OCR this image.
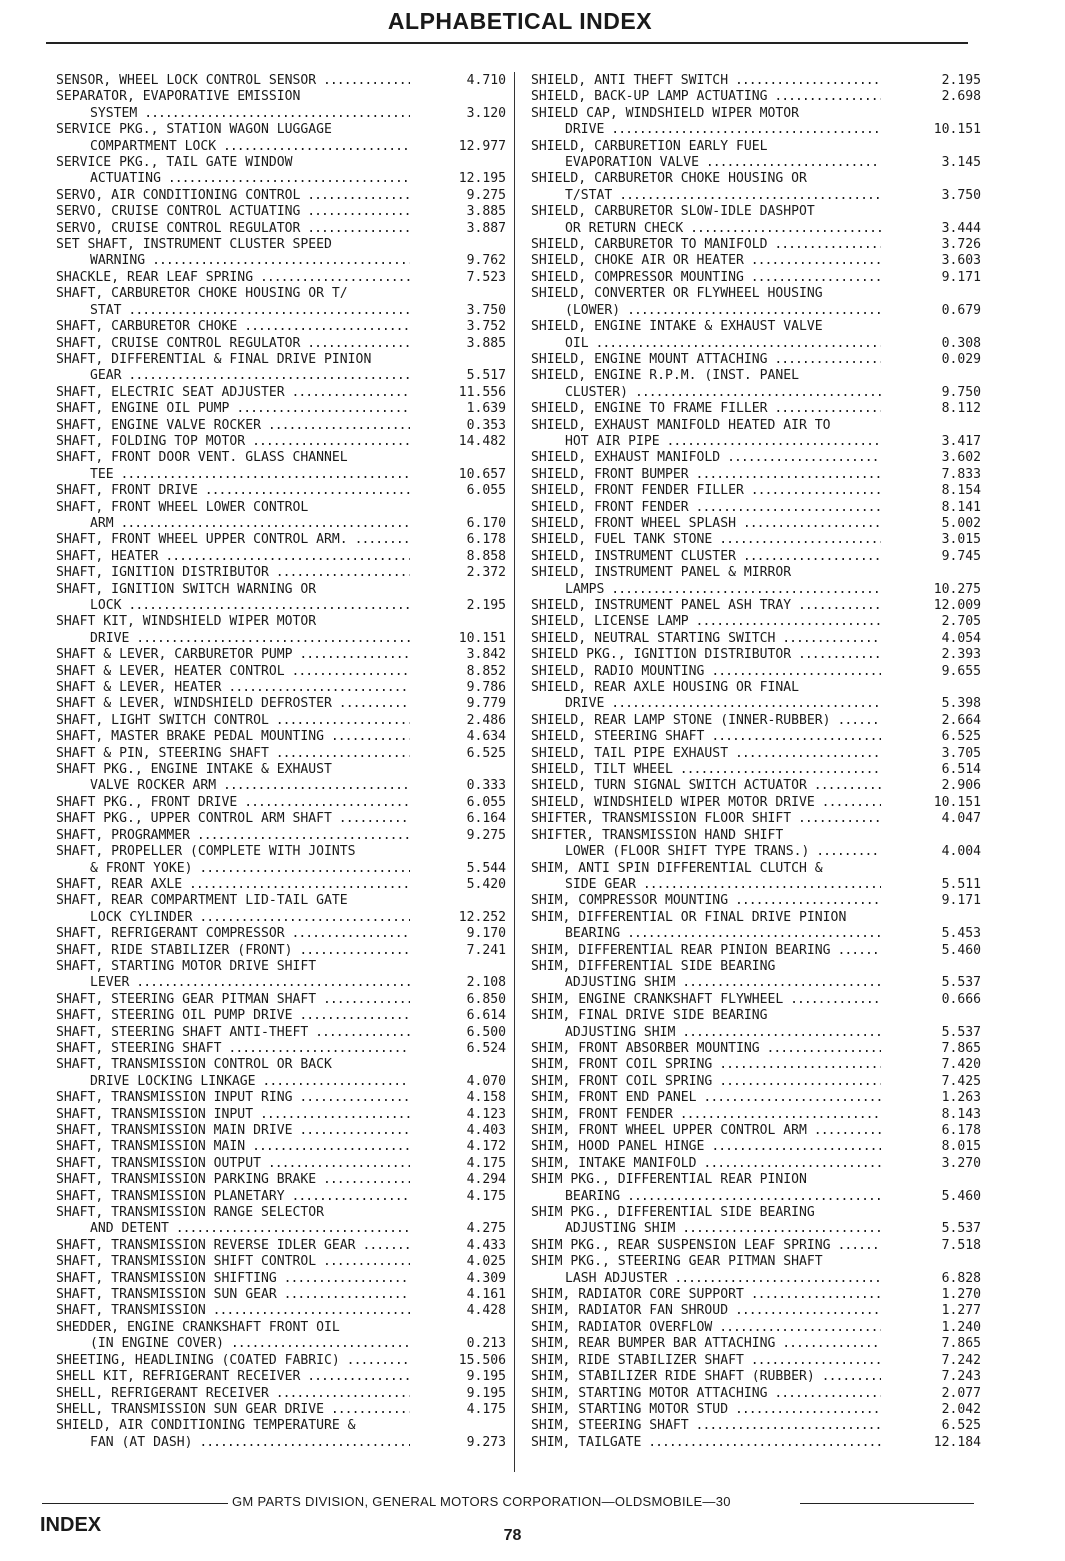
ALPHABETICAL INDEX
SENSOR, WHEEL LOCK CONTROL SENSOR .....	4.710
SEPARATOR, EVAPORATIVE EMISSION
SYSTEM .....	3.120
SERVICE PKG., STATION WAGON LUGGAGE
COMPARTMENT LOCK .....	12.977
SERVICE PKG., TAIL GATE WINDOW
ACTUATING .....	12.195
SERVO, AIR CONDITIONING CONTROL .....	9.275
SERVO, CRUISE CONTROL ACTUATING .....	3.885
SERVO, CRUISE CONTROL REGULATOR .....	3.887
SET SHAFT, INSTRUMENT CLUSTER SPEED
WARNING .....	9.762
SHACKLE, REAR LEAF SPRING .....	7.523
SHAFT, CARBURETOR CHOKE HOUSING OR T/
STAT .....	3.750
SHAFT, CARBURETOR CHOKE .....	3.752
SHAFT, CRUISE CONTROL REGULATOR .....	3.885
SHAFT, DIFFERENTIAL & FINAL DRIVE PINION
GEAR .....	5.517
SHAFT, ELECTRIC SEAT ADJUSTER .....	11.556
SHAFT, ENGINE OIL PUMP .....	1.639
SHAFT, ENGINE VALVE ROCKER .....	0.353
SHAFT, FOLDING TOP MOTOR .....	14.482
SHAFT, FRONT DOOR VENT. GLASS CHANNEL
TEE .....	10.657
SHAFT, FRONT DRIVE .....	6.055
SHAFT, FRONT WHEEL LOWER CONTROL
ARM .....	6.170
SHAFT, FRONT WHEEL UPPER CONTROL ARM. .....	6.178
SHAFT, HEATER .....	8.858
SHAFT, IGNITION DISTRIBUTOR .....	2.372
SHAFT, IGNITION SWITCH WARNING OR
LOCK .....	2.195
SHAFT KIT, WINDSHIELD WIPER MOTOR
DRIVE .....	10.151
SHAFT & LEVER, CARBURETOR PUMP .....	3.842
SHAFT & LEVER, HEATER CONTROL .....	8.852
SHAFT & LEVER, HEATER .....	9.786
SHAFT & LEVER, WINDSHIELD DEFROSTER .....	9.779
SHAFT, LIGHT SWITCH CONTROL .....	2.486
SHAFT, MASTER BRAKE PEDAL MOUNTING .....	4.634
SHAFT & PIN, STEERING SHAFT .....	6.525
SHAFT PKG., ENGINE INTAKE & EXHAUST
VALVE ROCKER ARM .....	0.333
SHAFT PKG., FRONT DRIVE .....	6.055
SHAFT PKG., UPPER CONTROL ARM SHAFT .....	6.164
SHAFT, PROGRAMMER .....	9.275
SHAFT, PROPELLER (COMPLETE WITH JOINTS
& FRONT YOKE) .....	5.544
SHAFT, REAR AXLE .....	5.420
SHAFT, REAR COMPARTMENT LID-TAIL GATE
LOCK CYLINDER .....	12.252
SHAFT, REFRIGERANT COMPRESSOR .....	9.170
SHAFT, RIDE STABILIZER (FRONT) .....	7.241
SHAFT, STARTING MOTOR DRIVE SHIFT
LEVER .....	2.108
SHAFT, STEERING GEAR PITMAN SHAFT .....	6.850
SHAFT, STEERING OIL PUMP DRIVE .....	6.614
SHAFT, STEERING SHAFT ANTI-THEFT .....	6.500
SHAFT, STEERING SHAFT .....	6.524
SHAFT, TRANSMISSION CONTROL OR BACK
DRIVE LOCKING LINKAGE .....	4.070
SHAFT, TRANSMISSION INPUT RING .....	4.158
SHAFT, TRANSMISSION INPUT .....	4.123
SHAFT, TRANSMISSION MAIN DRIVE .....	4.403
SHAFT, TRANSMISSION MAIN .....	4.172
SHAFT, TRANSMISSION OUTPUT .....	4.175
SHAFT, TRANSMISSION PARKING BRAKE .....	4.294
SHAFT, TRANSMISSION PLANETARY .....	4.175
SHAFT, TRANSMISSION RANGE SELECTOR
AND DETENT .....	4.275
SHAFT, TRANSMISSION REVERSE IDLER GEAR .....	4.433
SHAFT, TRANSMISSION SHIFT CONTROL .....	4.025
SHAFT, TRANSMISSION SHIFTING .....	4.309
SHAFT, TRANSMISSION SUN GEAR .....	4.161
SHAFT, TRANSMISSION .....	4.428
SHEDDER, ENGINE CRANKSHAFT FRONT OIL
(IN ENGINE COVER) .....	0.213
SHEETING, HEADLINING (COATED FABRIC) .....	15.506
SHELL KIT, REFRIGERANT RECEIVER .....	9.195
SHELL, REFRIGERANT RECEIVER .....	9.195
SHELL, TRANSMISSION SUN GEAR DRIVE .....	4.175
SHIELD, AIR CONDITIONING TEMPERATURE &
FAN (AT DASH) .....	9.273
SHIELD, ANTI THEFT SWITCH .....	2.195
SHIELD, BACK-UP LAMP ACTUATING .....	2.698
SHIELD CAP, WINDSHIELD WIPER MOTOR
DRIVE .....	10.151
SHIELD, CARBURETION EARLY FUEL
EVAPORATION VALVE .....	3.145
SHIELD, CARBURETOR CHOKE HOUSING OR
T/STAT .....	3.750
SHIELD, CARBURETOR SLOW-IDLE DASHPOT
OR RETURN CHECK .....	3.444
SHIELD, CARBURETOR TO MANIFOLD .....	3.726
SHIELD, CHOKE AIR OR HEATER .....	3.603
SHIELD, COMPRESSOR MOUNTING .....	9.171
SHIELD, CONVERTER OR FLYWHEEL HOUSING
(LOWER) .....	0.679
SHIELD, ENGINE INTAKE & EXHAUST VALVE
OIL .....	0.308
SHIELD, ENGINE MOUNT ATTACHING .....	0.029
SHIELD, ENGINE R.P.M. (INST. PANEL
CLUSTER) .....	9.750
SHIELD, ENGINE TO FRAME FILLER .....	8.112
SHIELD, EXHAUST MANIFOLD HEATED AIR TO
HOT AIR PIPE .....	3.417
SHIELD, EXHAUST MANIFOLD .....	3.602
SHIELD, FRONT BUMPER .....	7.833
SHIELD, FRONT FENDER FILLER .....	8.154
SHIELD, FRONT FENDER .....	8.141
SHIELD, FRONT WHEEL SPLASH .....	5.002
SHIELD, FUEL TANK STONE .....	3.015
SHIELD, INSTRUMENT CLUSTER .....	9.745
SHIELD, INSTRUMENT PANEL & MIRROR
LAMPS .....	10.275
SHIELD, INSTRUMENT PANEL ASH TRAY .....	12.009
SHIELD, LICENSE LAMP .....	2.705
SHIELD, NEUTRAL STARTING SWITCH .....	4.054
SHIELD PKG., IGNITION DISTRIBUTOR .....	2.393
SHIELD, RADIO MOUNTING .....	9.655
SHIELD, REAR AXLE HOUSING OR FINAL
DRIVE .....	5.398
SHIELD, REAR LAMP STONE (INNER-RUBBER) .....	2.664
SHIELD, STEERING SHAFT .....	6.525
SHIELD, TAIL PIPE EXHAUST .....	3.705
SHIELD, TILT WHEEL .....	6.514
SHIELD, TURN SIGNAL SWITCH ACTUATOR .....	2.906
SHIELD, WINDSHIELD WIPER MOTOR DRIVE .....	10.151
SHIFTER, TRANSMISSION FLOOR SHIFT .....	4.047
SHIFTER, TRANSMISSION HAND SHIFT
LOWER (FLOOR SHIFT TYPE TRANS.) .....	4.004
SHIM, ANTI SPIN DIFFERENTIAL CLUTCH &
SIDE GEAR .....	5.511
SHIM, COMPRESSOR MOUNTING .....	9.171
SHIM, DIFFERENTIAL OR FINAL DRIVE PINION
BEARING .....	5.453
SHIM, DIFFERENTIAL REAR PINION BEARING .....	5.460
SHIM, DIFFERENTIAL SIDE BEARING
ADJUSTING SHIM .....	5.537
SHIM, ENGINE CRANKSHAFT FLYWHEEL .....	0.666
SHIM, FINAL DRIVE SIDE BEARING
ADJUSTING SHIM .....	5.537
SHIM, FRONT ABSORBER MOUNTING .....	7.865
SHIM, FRONT COIL SPRING .....	7.420
SHIM, FRONT COIL SPRING .....	7.425
SHIM, FRONT END PANEL .....	1.263
SHIM, FRONT FENDER .....	8.143
SHIM, FRONT WHEEL UPPER CONTROL ARM .....	6.178
SHIM, HOOD PANEL HINGE .....	8.015
SHIM, INTAKE MANIFOLD .....	3.270
SHIM PKG., DIFFERENTIAL REAR PINION
BEARING .....	5.460
SHIM PKG., DIFFERENTIAL SIDE BEARING
ADJUSTING SHIM .....	5.537
SHIM PKG., REAR SUSPENSION LEAF SPRING .....	7.518
SHIM PKG., STEERING GEAR PITMAN SHAFT
LASH ADJUSTER .....	6.828
SHIM, RADIATOR CORE SUPPORT .....	1.270
SHIM, RADIATOR FAN SHROUD .....	1.277
SHIM, RADIATOR OVERFLOW .....	1.240
SHIM, REAR BUMPER BAR ATTACHING .....	7.865
SHIM, RIDE STABILIZER SHAFT .....	7.242
SHIM, STABILIZER RIDE SHAFT (RUBBER) .....	7.243
SHIM, STARTING MOTOR ATTACHING .....	2.077
SHIM, STARTING MOTOR STUD .....	2.042
SHIM, STEERING SHAFT .....	6.525
SHIM, TAILGATE .....	12.184
GM PARTS DIVISION, GENERAL MOTORS CORPORATION—OLDSMOBILE—30
INDEX	78
